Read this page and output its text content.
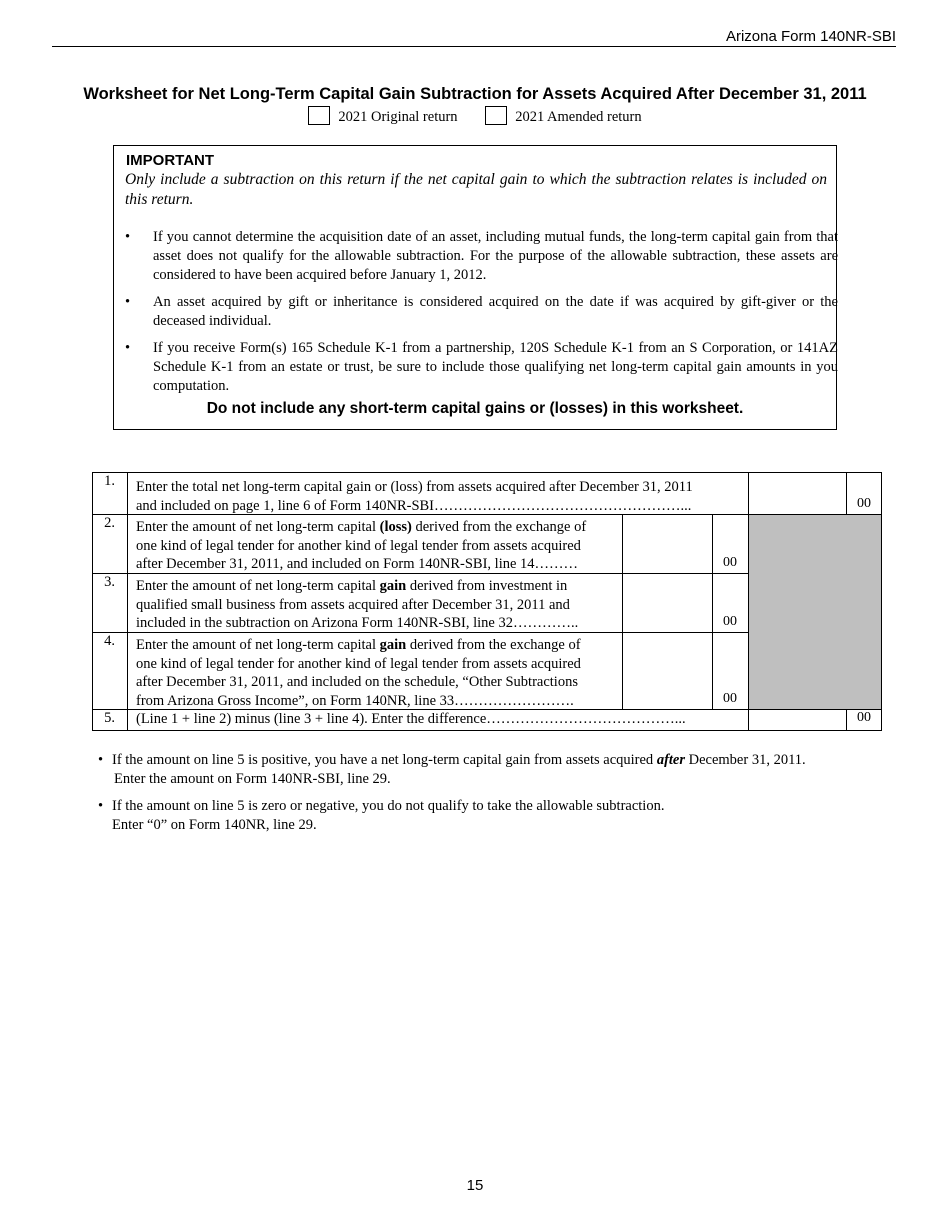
Arizona Form 140NR-SBI
Worksheet for Net Long-Term Capital Gain Subtraction for Assets Acquired After December 31, 2011
2021 Original return	2021 Amended return
IMPORTANT
Only include a subtraction on this return if the net capital gain to which the subtraction relates is included on this return.
• If you cannot determine the acquisition date of an asset, including mutual funds, the long-term capital gain from that asset does not qualify for the allowable subtraction. For the purpose of the allowable subtraction, these assets are considered to have been acquired before January 1, 2012.
• An asset acquired by gift or inheritance is considered acquired on the date if was acquired by gift-giver or the deceased individual.
• If you receive Form(s) 165 Schedule K-1 from a partnership, 120S Schedule K-1 from an S Corporation, or 141AZ Schedule K-1 from an estate or trust, be sure to include those qualifying net long-term capital gain amounts in you computation.
Do not include any short-term capital gains or (losses) in this worksheet.
1.	Enter the total net long-term capital gain or (loss) from assets acquired after December 31, 2011
and included on page 1, line 6 of Form 140NR-SBI……………………………………………...	00
2.	Enter the amount of net long-term capital (loss) derived from the exchange of
one kind of legal tender for another kind of legal tender from assets acquired
after December 31, 2011, and included on Form 140NR-SBI, line 14………	00
3.	Enter the amount of net long-term capital gain derived from investment in
qualified small business from assets acquired after December 31, 2011 and
included in the subtraction on Arizona Form 140NR-SBI, line 32…………..	00
4.	Enter the amount of net long-term capital gain derived from the exchange of
one kind of legal tender for another kind of legal tender from assets acquired
after December 31, 2011, and included on the schedule, “Other Subtractions
from Arizona Gross Income”, on Form 140NR, line 33…………………….	00
5.	(Line 1 + line 2) minus (line 3 + line 4). Enter the difference…………………………………...	00
• If the amount on line 5 is positive, you have a net long-term capital gain from assets acquired after December 31, 2011.
Enter the amount on Form 140NR-SBI, line 29.
• If the amount on line 5 is zero or negative, you do not qualify to take the allowable subtraction.
Enter “0” on Form 140NR, line 29.
15
